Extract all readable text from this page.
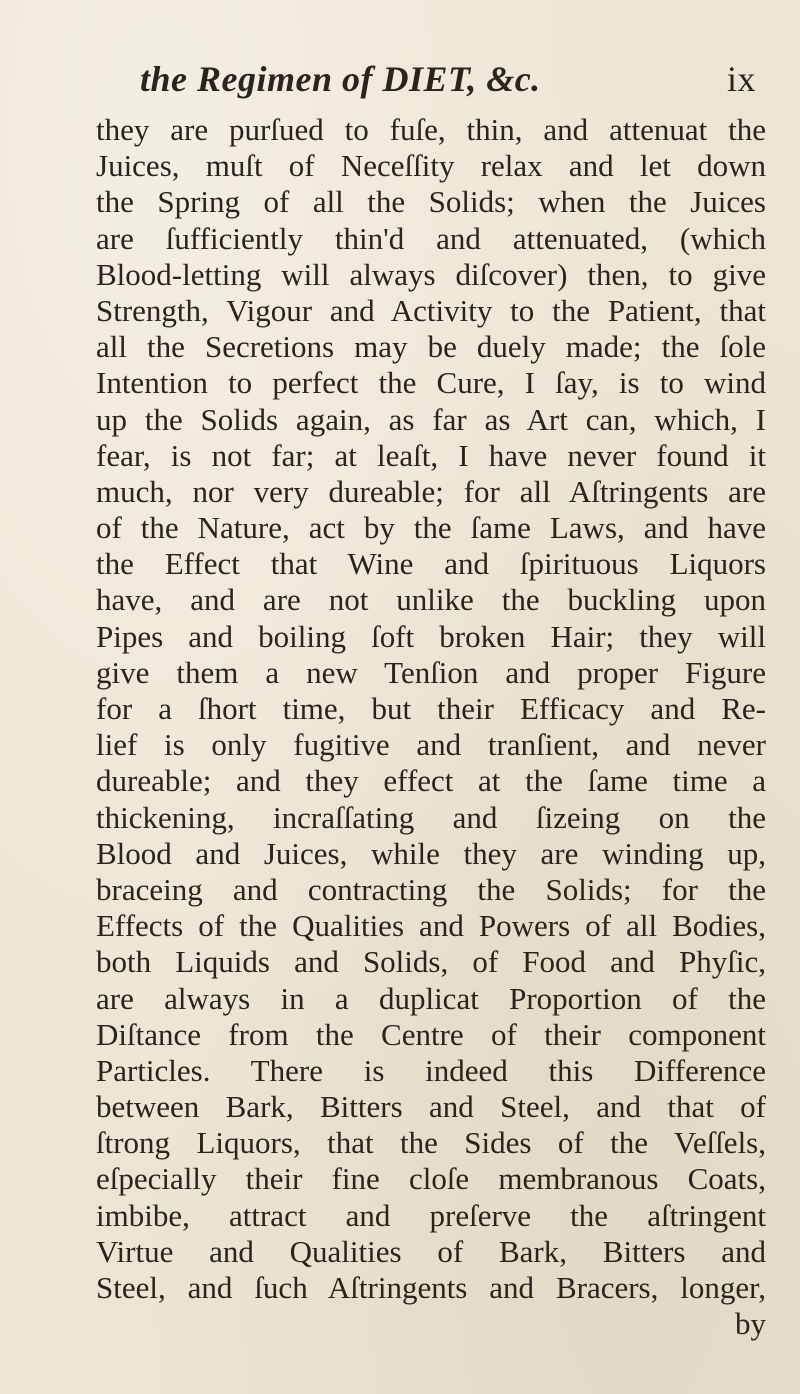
the Regimen of DIET, &c.	ix
they are purſued to fuſe, thin, and attenuat the
Juices, muſt of Neceſſity relax and let down
the Spring of all the Solids; when the Juices
are ſufficiently thin'd and attenuated, (which
Blood-letting will always diſcover) then, to give
Strength, Vigour and Activity to the Patient, that
all the Secretions may be duely made; the ſole
Intention to perfect the Cure, I ſay, is to wind
up the Solids again, as far as Art can, which, I
fear, is not far; at leaſt, I have never found it
much, nor very dureable; for all Aſtringents are
of the Nature, act by the ſame Laws, and have
the Effect that Wine and ſpirituous Liquors
have, and are not unlike the buckling upon
Pipes and boiling ſoft broken Hair; they will
give them a new Tenſion and proper Figure
for a ſhort time, but their Efficacy and Re-
lief is only fugitive and tranſient, and never
dureable; and they effect at the ſame time a
thickening, incraſſating and ſizeing on the
Blood and Juices, while they are winding up,
braceing and contracting the Solids; for the
Effects of the Qualities and Powers of all Bodies,
both Liquids and Solids, of Food and Phyſic,
are always in a duplicat Proportion of the
Diſtance from the Centre of their component
Particles. There is indeed this Difference
between Bark, Bitters and Steel, and that of
ſtrong Liquors, that the Sides of the Veſſels,
eſpecially their fine cloſe membranous Coats,
imbibe, attract and preſerve the aſtringent
Virtue and Qualities of Bark, Bitters and
Steel, and ſuch Aſtringents and Bracers, longer,
by
